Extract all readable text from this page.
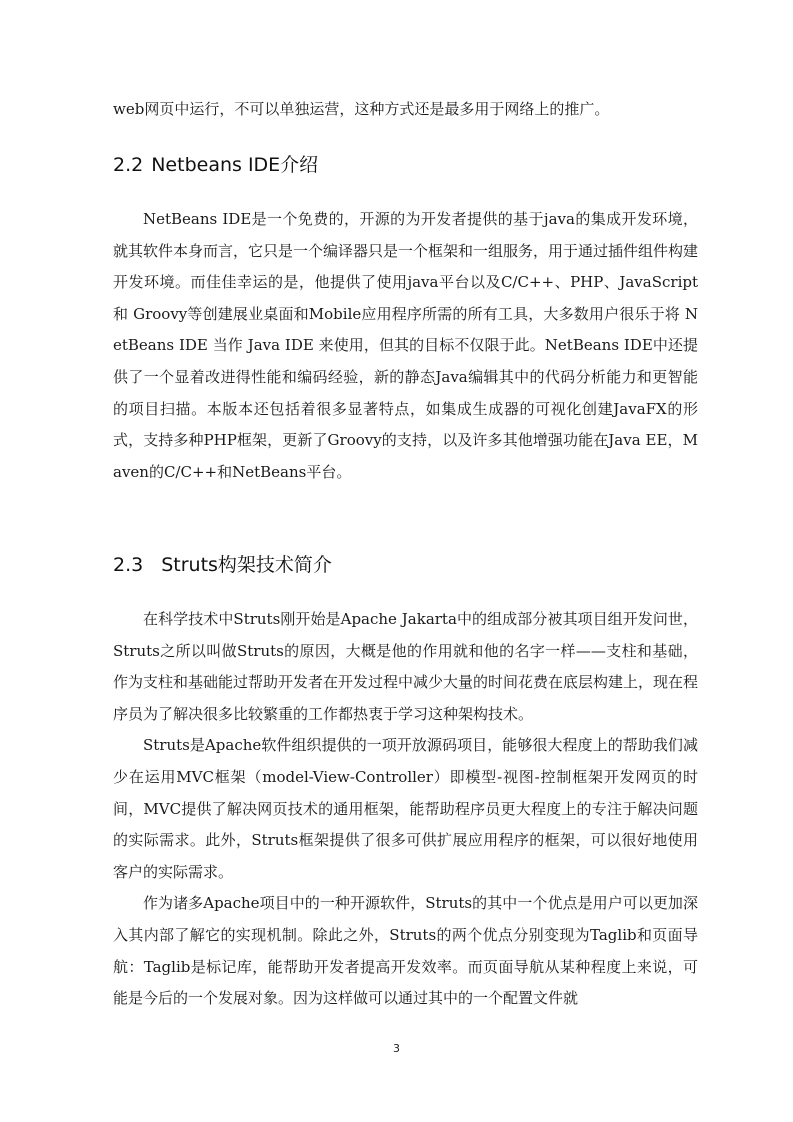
web网页中运行，不可以单独运营，这种方式还是最多用于网络上的推广。

2.2 Netbeans IDE介绍

NetBeans IDE是一个免费的，开源的为开发者提供的基于java的集成开发环境，就其软件本身而言，它只是一个编译器只是一个框架和一组服务，用于通过插件组件构建开发环境。而佳佳幸运的是，他提供了使用java平台以及C/C++、PHP、JavaScript和 Groovy等创建展业桌面和Mobile应用程序所需的所有工具，大多数用户很乐于将 NetBeans IDE 当作 Java IDE 来使用，但其的目标不仅限于此。NetBeans IDE中还提供了一个显着改进得性能和编码经验，新的静态Java编辑其中的代码分析能力和更智能的项目扫描。本版本还包括着很多显著特点，如集成生成器的可视化创建JavaFX的形式，支持多种PHP框架，更新了Groovy的支持，以及许多其他增强功能在Java EE，Maven的C/C++和NetBeans平台。

2.3 Struts构架技术简介

在科学技术中Struts刚开始是Apache Jakarta中的组成部分被其项目组开发问世，Struts之所以叫做Struts的原因，大概是他的作用就和他的名字一样——支柱和基础，作为支柱和基础能过帮助开发者在开发过程中减少大量的时间花费在底层构建上，现在程序员为了解决很多比较繁重的工作都热衷于学习这种架构技术。

Struts是Apache软件组织提供的一项开放源码项目，能够很大程度上的帮助我们减少在运用MVC框架（model-View-Controller）即模型-视图-控制框架开发网页的时间，MVC提供了解决网页技术的通用框架，能帮助程序员更大程度上的专注于解决问题的实际需求。此外，Struts框架提供了很多可供扩展应用程序的框架，可以很好地使用客户的实际需求。

作为诸多Apache项目中的一种开源软件，Struts的其中一个优点是用户可以更加深入其内部了解它的实现机制。除此之外，Struts的两个优点分别变现为Taglib和页面导航：Taglib是标记库，能帮助开发者提高开发效率。而页面导航从某种程度上来说，可能是今后的一个发展对象。因为这样做可以通过其中的一个配置文件就

3
